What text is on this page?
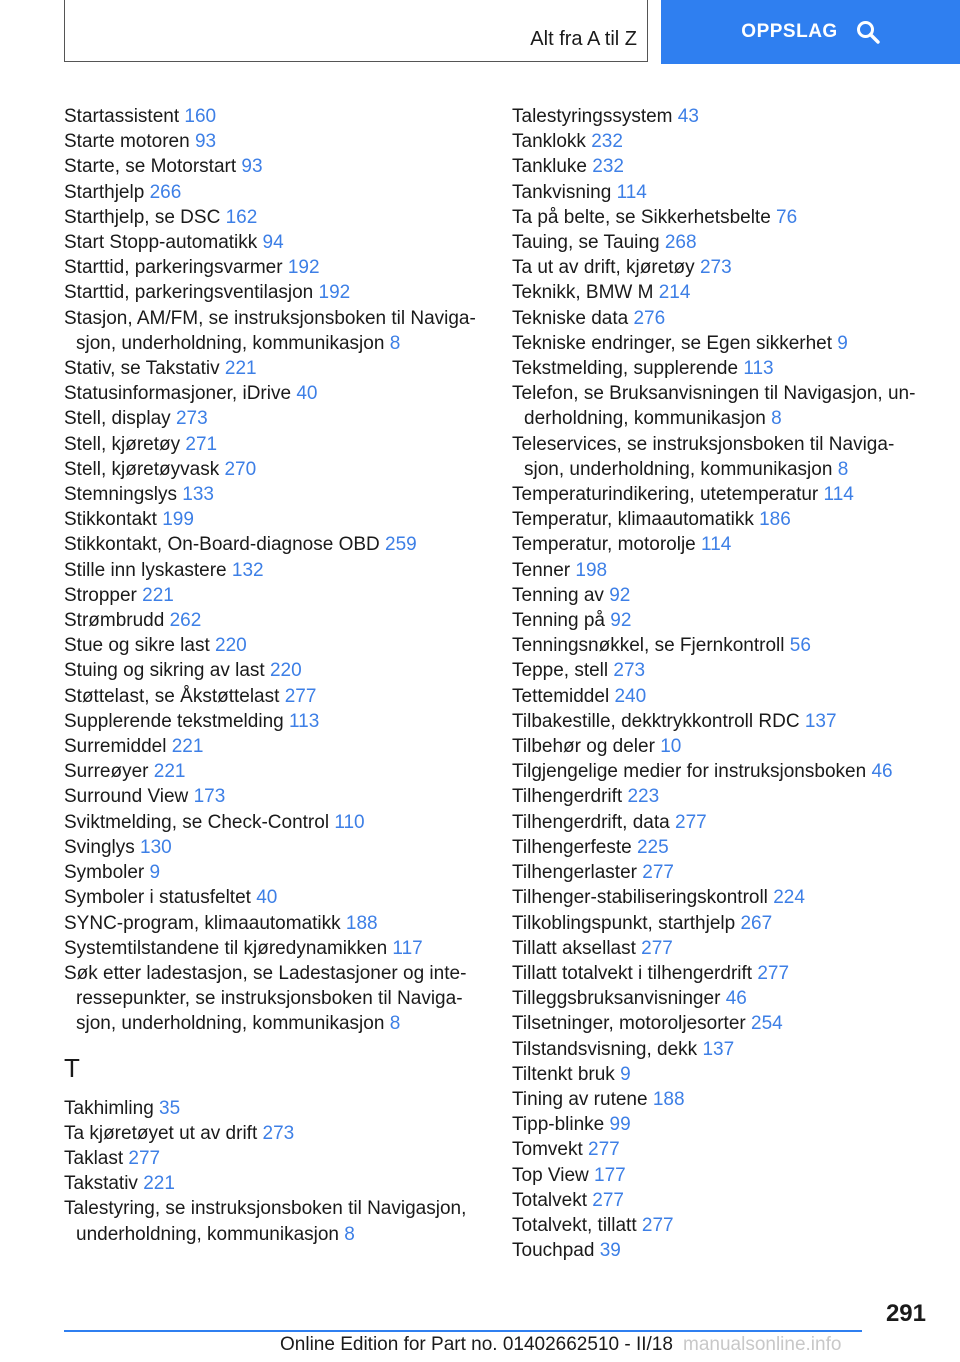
Alt fra A til Z	OPPSLAG
Startassistent 160
Starte motoren 93
Starte, se Motorstart 93
Starthjelp 266
Starthjelp, se DSC 162
Start Stopp-automatikk 94
Starttid, parkeringsvarmer 192
Starttid, parkeringsventilasjon 192
Stasjon, AM/FM, se instruksjonsboken til Naviga-sjon, underholdning, kommunikasjon 8
Stativ, se Takstativ 221
Statusinformasjoner, iDrive 40
Stell, display 273
Stell, kjøretøy 271
Stell, kjøretøyvask 270
Stemningslys 133
Stikkontakt 199
Stikkontakt, On-Board-diagnose OBD 259
Stille inn lyskastere 132
Stropper 221
Strømbrudd 262
Stue og sikre last 220
Stuing og sikring av last 220
Støttelast, se Åkstøttelast 277
Supplerende tekstmelding 113
Surremiddel 221
Surreøyer 221
Surround View 173
Sviktmelding, se Check-Control 110
Svinglys 130
Symboler 9
Symboler i statusfeltet 40
SYNC-program, klimaautomatikk 188
Systemtilstandene til kjøredynamikken 117
Søk etter ladestasjon, se Ladestasjoner og inte-ressepunkter, se instruksjonsboken til Naviga-sjon, underholdning, kommunikasjon 8
T
Takhimling 35
Ta kjøretøyet ut av drift 273
Taklast 277
Takstativ 221
Talestyring, se instruksjonsboken til Navigasjon, underholdning, kommunikasjon 8
Talestyringssystem 43
Tanklokk 232
Tankluke 232
Tankvisning 114
Ta på belte, se Sikkerhetsbelte 76
Tauing, se Tauing 268
Ta ut av drift, kjøretøy 273
Teknikk, BMW M 214
Tekniske data 276
Tekniske endringer, se Egen sikkerhet 9
Tekstmelding, supplerende 113
Telefon, se Bruksanvisningen til Navigasjon, un-derholdning, kommunikasjon 8
Teleservices, se instruksjonsboken til Naviga-sjon, underholdning, kommunikasjon 8
Temperaturindikering, utetemperatur 114
Temperatur, klimaautomatikk 186
Temperatur, motorolje 114
Tenner 198
Tenning av 92
Tenning på 92
Tenningsnøkkel, se Fjernkontroll 56
Teppe, stell 273
Tettemiddel 240
Tilbakestille, dekktrykkontroll RDC 137
Tilbehør og deler 10
Tilgjengelige medier for instruksjonsboken 46
Tilhengerdrift 223
Tilhengerdrift, data 277
Tilhengerfeste 225
Tilhengerlaster 277
Tilhenger-stabiliseringskontroll 224
Tilkoblingspunkt, starthjelp 267
Tillatt aksellast 277
Tillatt totalvekt i tilhengerdrift 277
Tilleggsbruksanvisninger 46
Tilsetninger, motoroljesorter 254
Tilstandsvisning, dekk 137
Tiltenkt bruk 9
Tining av rutene 188
Tipp-blinke 99
Tomvekt 277
Top View 177
Totalvekt 277
Totalvekt, tillatt 277
Touchpad 39
291
Online Edition for Part no. 01402662510 - II/18 manualsonline.info
